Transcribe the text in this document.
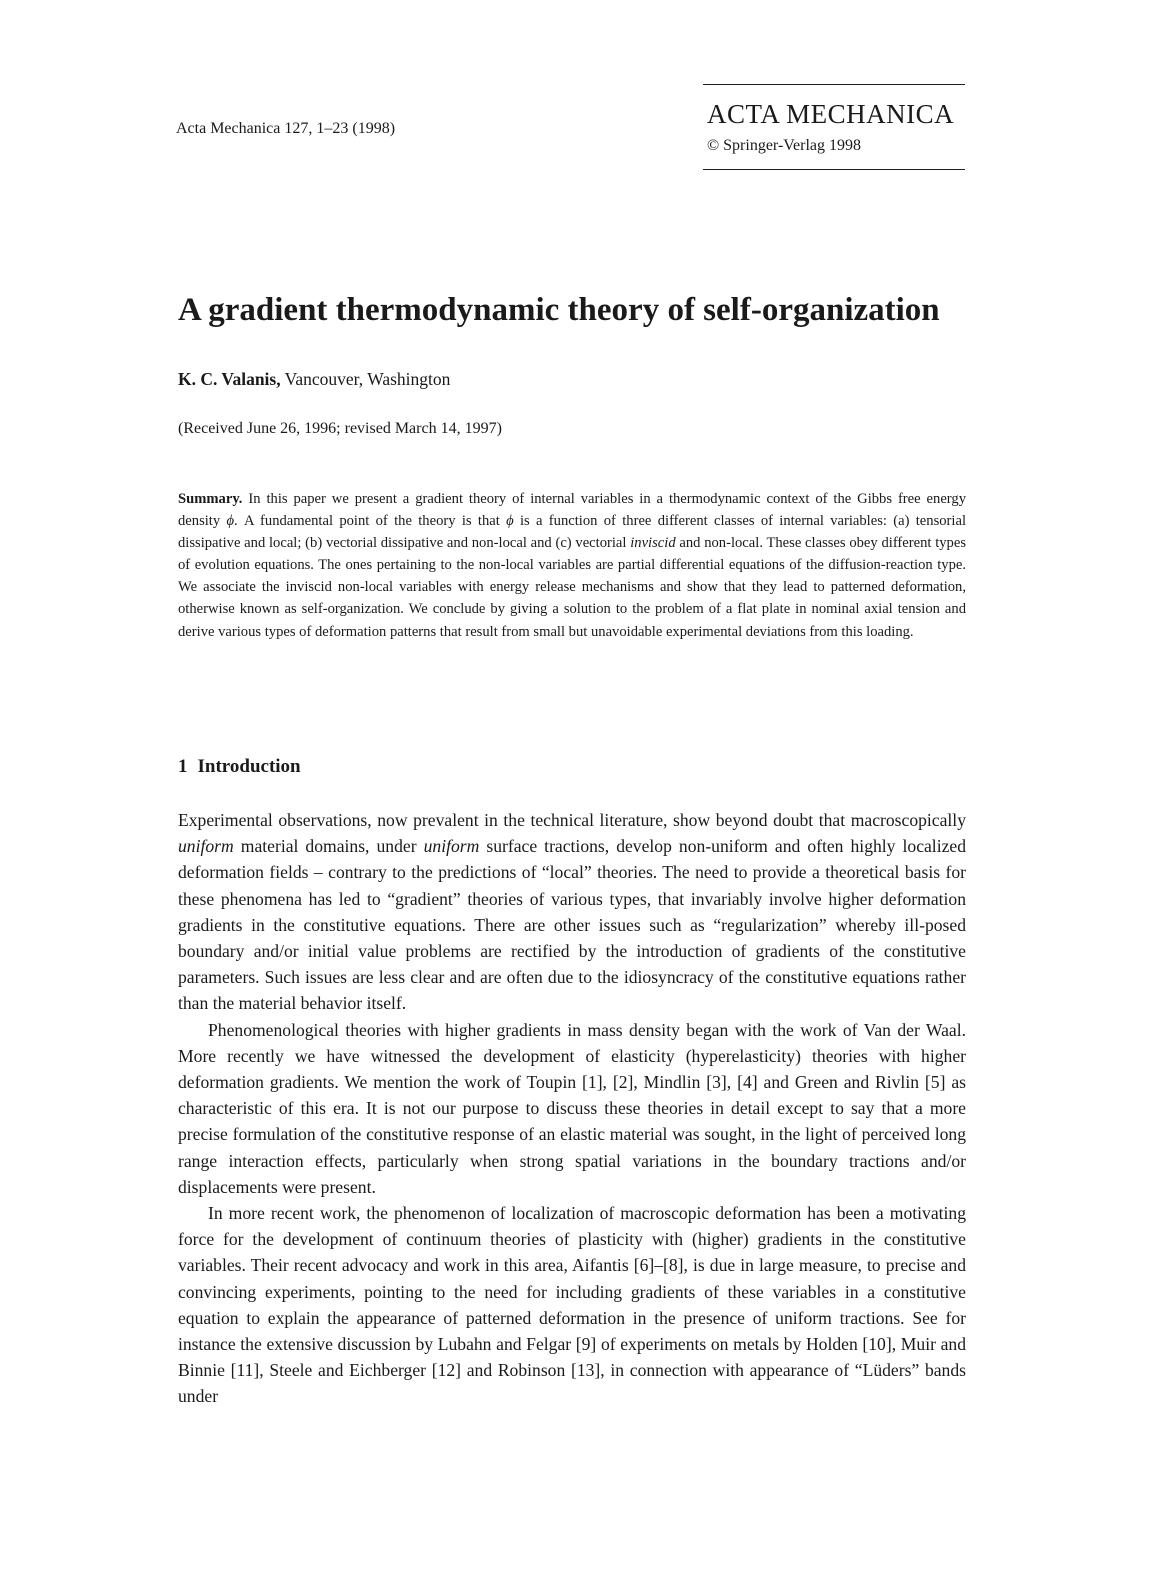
Acta Mechanica 127, 1–23 (1998)	ACTA MECHANICA
© Springer-Verlag 1998
A gradient thermodynamic theory of self-organization
K. C. Valanis, Vancouver, Washington
(Received June 26, 1996; revised March 14, 1997)
Summary. In this paper we present a gradient theory of internal variables in a thermodynamic context of the Gibbs free energy density ϕ. A fundamental point of the theory is that ϕ is a function of three different classes of internal variables: (a) tensorial dissipative and local; (b) vectorial dissipative and non-local and (c) vectorial inviscid and non-local. These classes obey different types of evolution equations. The ones pertaining to the non-local variables are partial differential equations of the diffusion-reaction type. We associate the inviscid non-local variables with energy release mechanisms and show that they lead to patterned deformation, otherwise known as self-organization. We conclude by giving a solution to the problem of a flat plate in nominal axial tension and derive various types of deformation patterns that result from small but unavoidable experimental deviations from this loading.
1 Introduction

Experimental observations, now prevalent in the technical literature, show beyond doubt that macroscopically uniform material domains, under uniform surface tractions, develop non-uniform and often highly localized deformation fields – contrary to the predictions of “local” theories. The need to provide a theoretical basis for these phenomena has led to “gradient” theories of various types, that invariably involve higher deformation gradients in the constitutive equations. There are other issues such as “regularization” whereby ill-posed boundary and/or initial value problems are rectified by the introduction of gradients of the constitutive parameters. Such issues are less clear and are often due to the idiosyncracy of the constitutive equations rather than the material behavior itself.

Phenomenological theories with higher gradients in mass density began with the work of Van der Waal. More recently we have witnessed the development of elasticity (hyperelasticity) theories with higher deformation gradients. We mention the work of Toupin [1], [2], Mindlin [3], [4] and Green and Rivlin [5] as characteristic of this era. It is not our purpose to discuss these theories in detail except to say that a more precise formulation of the constitutive response of an elastic material was sought, in the light of perceived long range interaction effects, particularly when strong spatial variations in the boundary tractions and/or displacements were present.

In more recent work, the phenomenon of localization of macroscopic deformation has been a motivating force for the development of continuum theories of plasticity with (higher) gradients in the constitutive variables. Their recent advocacy and work in this area, Aifantis [6]–[8], is due in large measure, to precise and convincing experiments, pointing to the need for including gradients of these variables in a constitutive equation to explain the appearance of patterned deformation in the presence of uniform tractions. See for instance the extensive discussion by Lubahn and Felgar [9] of experiments on metals by Holden [10], Muir and Binnie [11], Steele and Eichberger [12] and Robinson [13], in connection with appearance of “Lüders” bands under
